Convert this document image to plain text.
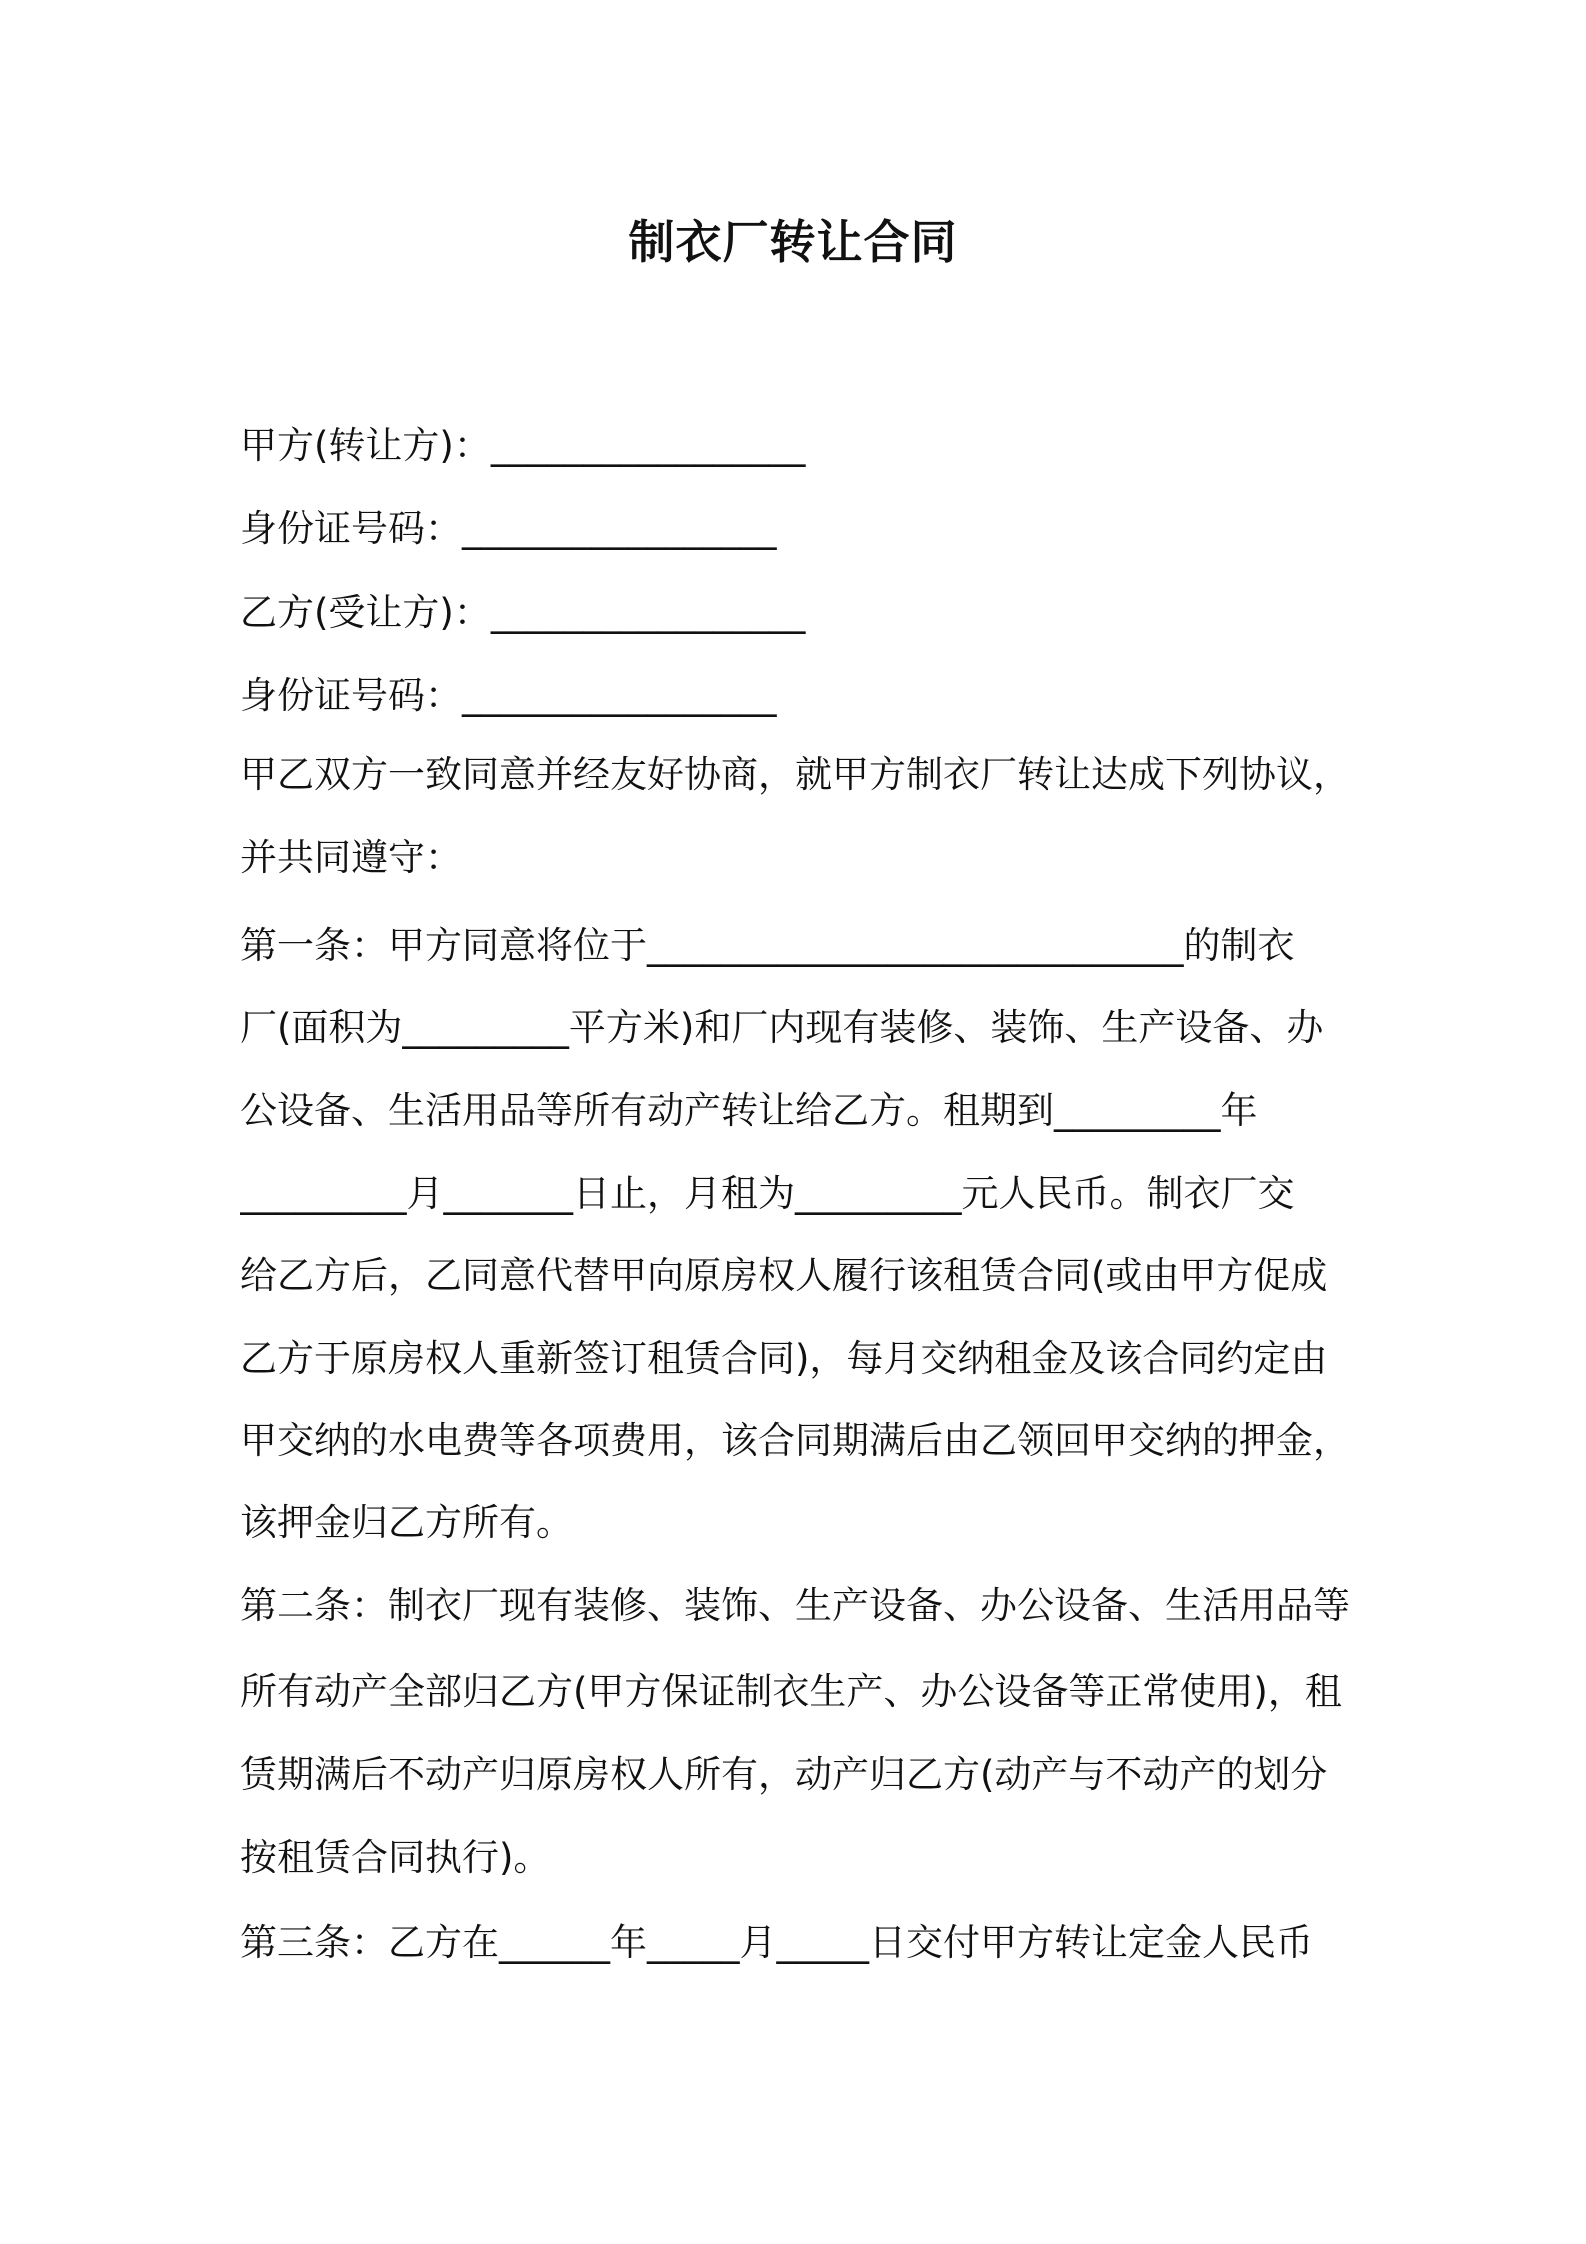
制衣厂转让合同
甲方(转让方)：_________________
身份证号码：_________________
乙方(受让方)：_________________
身份证号码：_________________
甲乙双方一致同意并经友好协商，就甲方制衣厂转让达成下列协议，
并共同遵守：
第一条：甲方同意将位于_____________________________的制衣
厂(面积为_________平方米)和厂内现有装修、装饰、生产设备、办
公设备、生活用品等所有动产转让给乙方。租期到_________年
_________月_______日止，月租为_________元人民币。制衣厂交
给乙方后，乙同意代替甲向原房权人履行该租赁合同(或由甲方促成
乙方于原房权人重新签订租赁合同)，每月交纳租金及该合同约定由
甲交纳的水电费等各项费用，该合同期满后由乙领回甲交纳的押金，
该押金归乙方所有。
第二条：制衣厂现有装修、装饰、生产设备、办公设备、生活用品等
所有动产全部归乙方(甲方保证制衣生产、办公设备等正常使用)，租
赁期满后不动产归原房权人所有，动产归乙方(动产与不动产的划分
按租赁合同执行)。
第三条：乙方在______年_____月_____日交付甲方转让定金人民币
